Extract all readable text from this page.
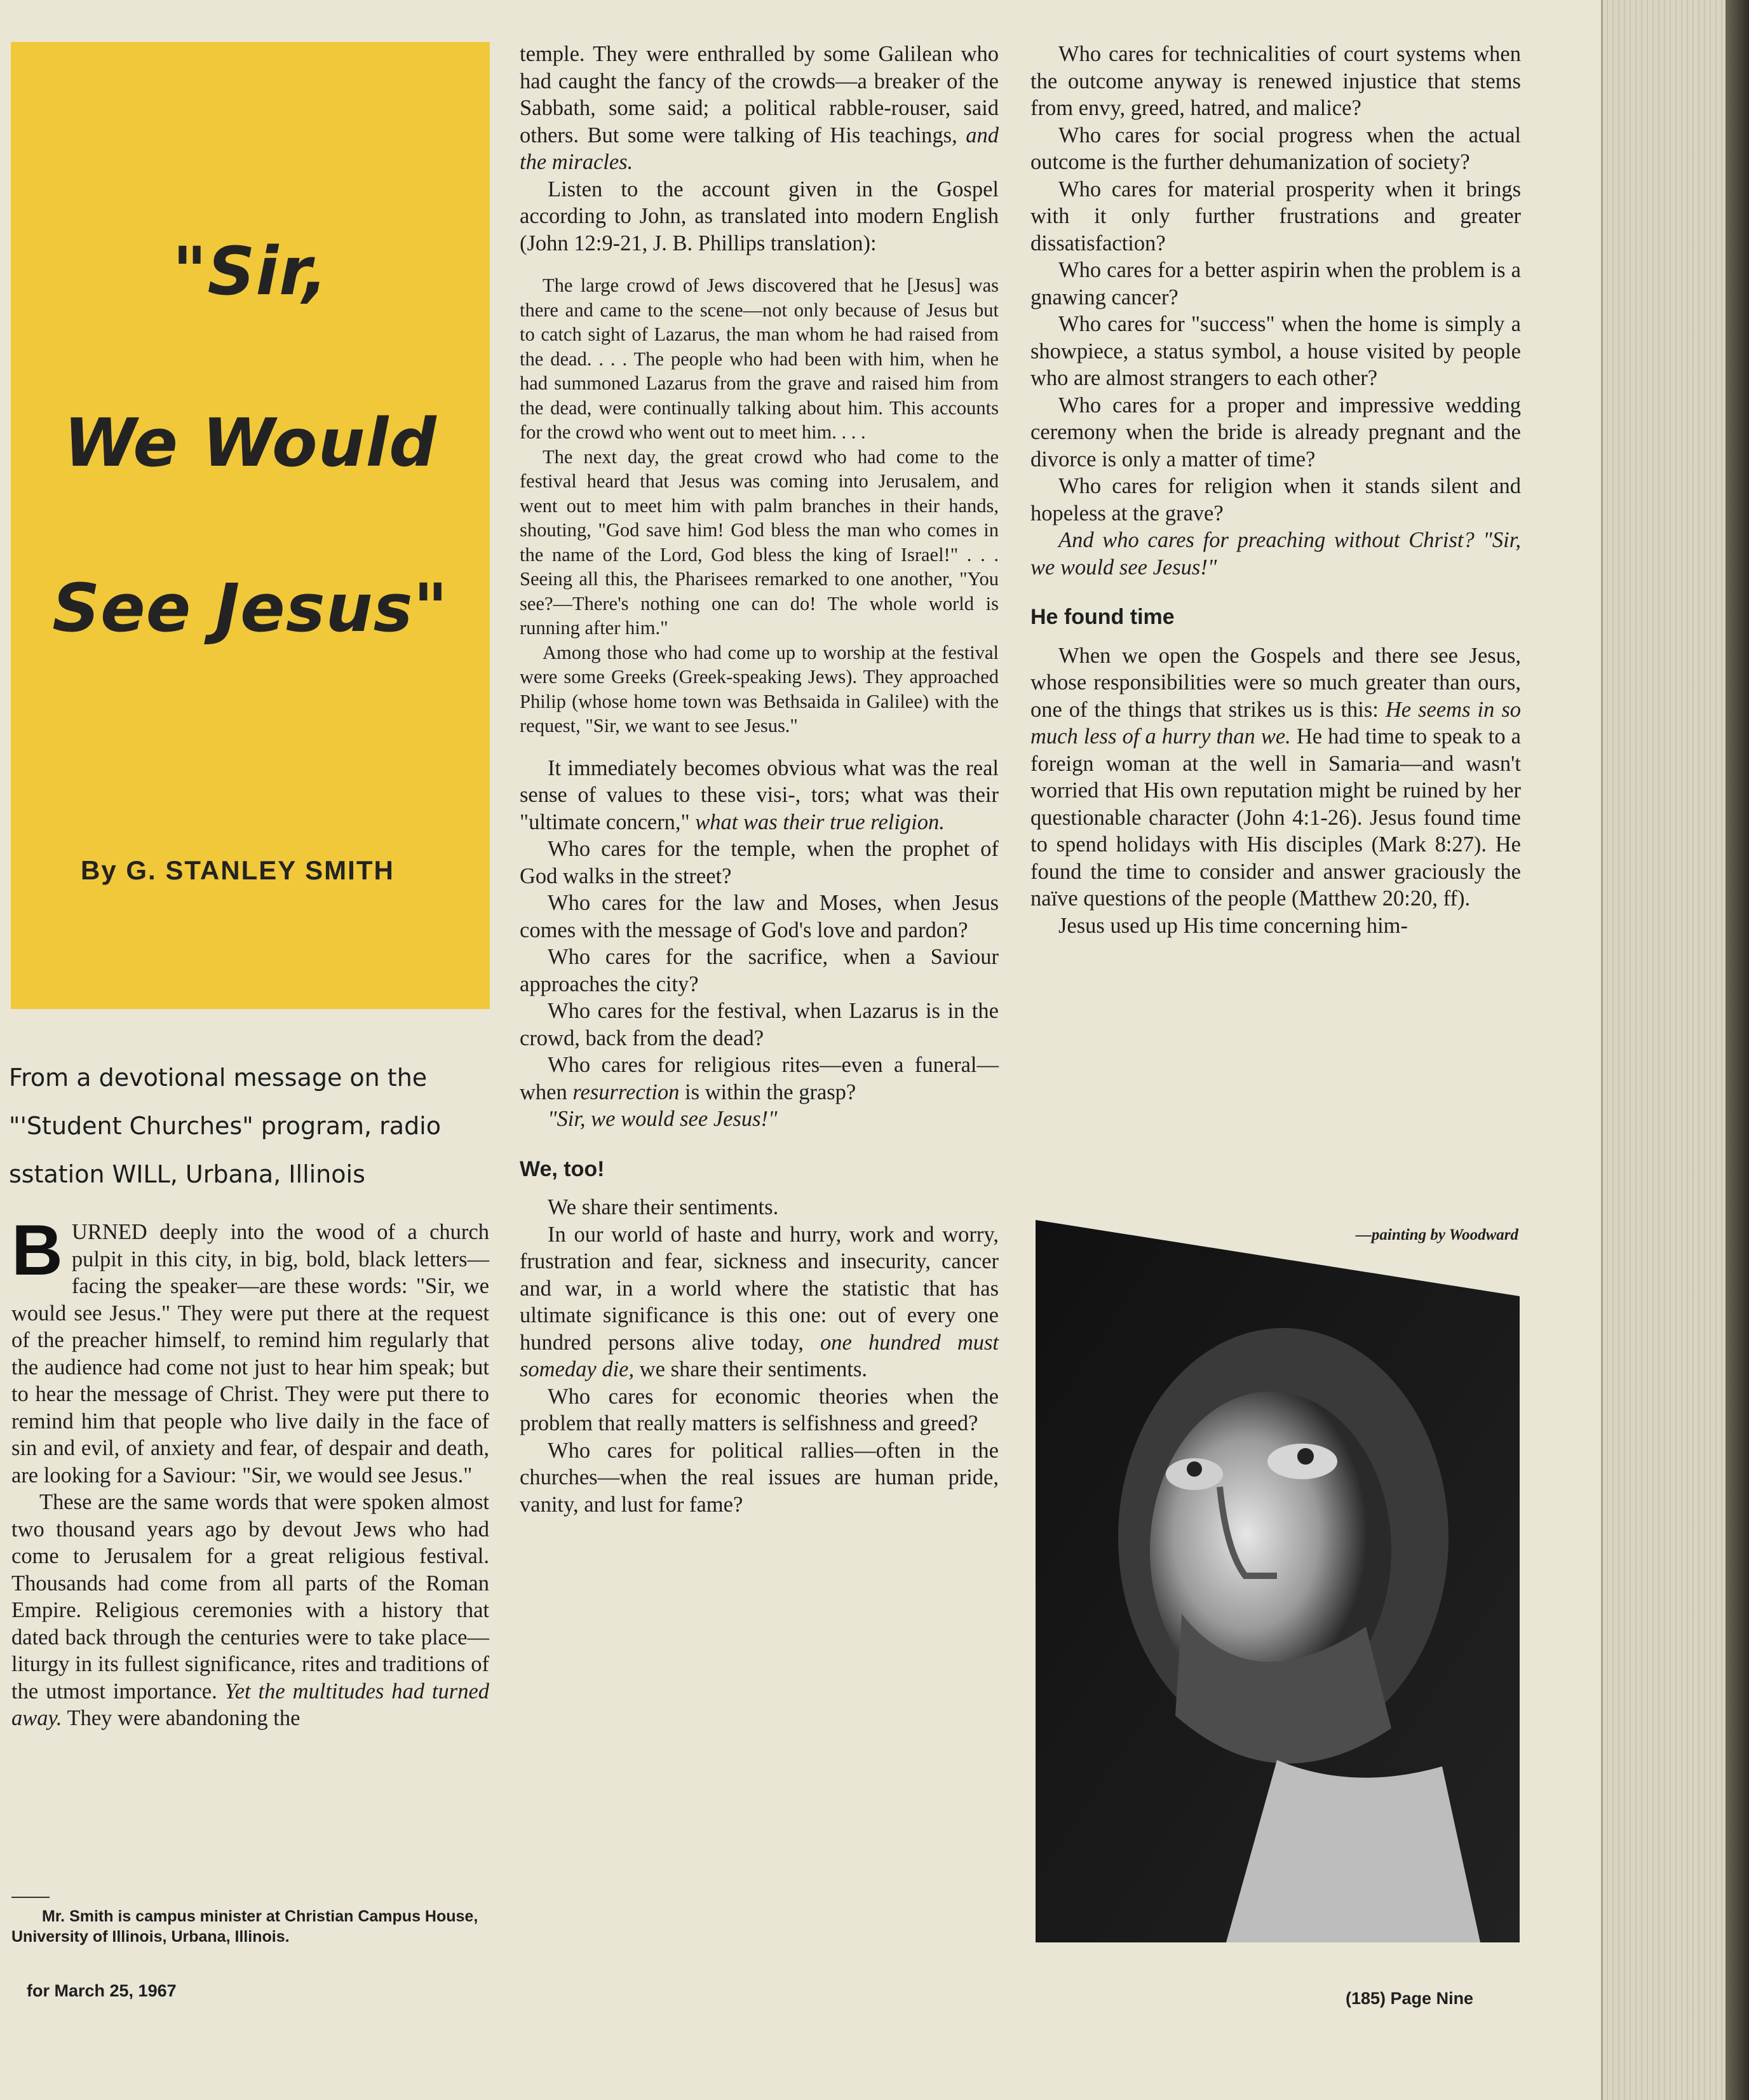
"Sir,
We Would
See Jesus"
By G. STANLEY SMITH
From a devotional message on the
"'Student Churches" program, radio
sstation WILL, Urbana, Illinois

BURNED deeply into the wood of a church pulpit in this city, in big, bold, black letters—facing the speaker—are these words: "Sir, we would see Jesus." They were put there at the request of the preacher himself, to remind him regularly that the audience had come not just to hear him speak; but to hear the message of Christ. They were put there to remind him that people who live daily in the face of sin and evil, of anxiety and fear, of despair and death, are looking for a Saviour: "Sir, we would see Jesus."

These are the same words that were spoken almost two thousand years ago by devout Jews who had come to Jerusalem for a great religious festival. Thousands had come from all parts of the Roman Empire. Religious ceremonies with a history that dated back through the centuries were to take place—liturgy in its fullest significance, rites and traditions of the utmost importance. Yet the multitudes had turned away. They were abandoning the

Mr. Smith is campus minister at Christian Campus House, University of Illinois, Urbana, Illinois.

temple. They were enthralled by some Galilean who had caught the fancy of the crowds—a breaker of the Sabbath, some said; a political rabble-rouser, said others. But some were talking of His teachings, and the miracles.

Listen to the account given in the Gospel according to John, as translated into modern English (John 12:9-21, J. B. Phillips translation):

The large crowd of Jews discovered that he [Jesus] was there and came to the scene—not only because of Jesus but to catch sight of Lazarus, the man whom he had raised from the dead. . . . The people who had been with him, when he had summoned Lazarus from the grave and raised him from the dead, were continually talking about him. This accounts for the crowd who went out to meet him. . . .

The next day, the great crowd who had come to the festival heard that Jesus was coming into Jerusalem, and went out to meet him with palm branches in their hands, shouting, "God save him! God bless the man who comes in the name of the Lord, God bless the king of Israel!" . . . Seeing all this, the Pharisees remarked to one another, "You see?—There's nothing one can do! The whole world is running after him."

Among those who had come up to worship at the festival were some Greeks (Greek-speaking Jews). They approached Philip (whose home town was Bethsaida in Galilee) with the request, "Sir, we want to see Jesus."

It immediately becomes obvious what was the real sense of values to these visi-, tors; what was their "ultimate concern," what was their true religion.

Who cares for the temple, when the prophet of God walks in the street?

Who cares for the law and Moses, when Jesus comes with the message of God's love and pardon?

Who cares for the sacrifice, when a Saviour approaches the city?

Who cares for the festival, when Lazarus is in the crowd, back from the dead?

Who cares for religious rites—even a funeral—when resurrection is within the grasp?

"Sir, we would see Jesus!"

We, too!

We share their sentiments.

In our world of haste and hurry, work and worry, frustration and fear, sickness and insecurity, cancer and war, in a world where the statistic that has ultimate significance is this one: out of every one hundred persons alive today, one hundred must someday die, we share their sentiments.

Who cares for economic theories when the problem that really matters is selfishness and greed?

Who cares for political rallies—often in the churches—when the real issues are human pride, vanity, and lust for fame?

Who cares for technicalities of court systems when the outcome anyway is renewed injustice that stems from envy, greed, hatred, and malice?

Who cares for social progress when the actual outcome is the further dehumanization of society?

Who cares for material prosperity when it brings with it only further frustrations and greater dissatisfaction?

Who cares for a better aspirin when the problem is a gnawing cancer?

Who cares for "success" when the home is simply a showpiece, a status symbol, a house visited by people who are almost strangers to each other?

Who cares for a proper and impressive wedding ceremony when the bride is already pregnant and the divorce is only a matter of time?

Who cares for religion when it stands silent and hopeless at the grave?

And who cares for preaching without Christ? "Sir, we would see Jesus!"

He found time

When we open the Gospels and there see Jesus, whose responsibilities were so much greater than ours, one of the things that strikes us is this: He seems in so much less of a hurry than we. He had time to speak to a foreign woman at the well in Samaria—and wasn't worried that His own reputation might be ruined by her questionable character (John 4:1-26). Jesus found time to spend holidays with His disciples (Mark 8:27). He found the time to consider and answer graciously the naïve questions of the people (Matthew 20:20, ff).

Jesus used up His time concerning him-

—painting by Woodward
for March 25, 1967	(185) Page Nine
